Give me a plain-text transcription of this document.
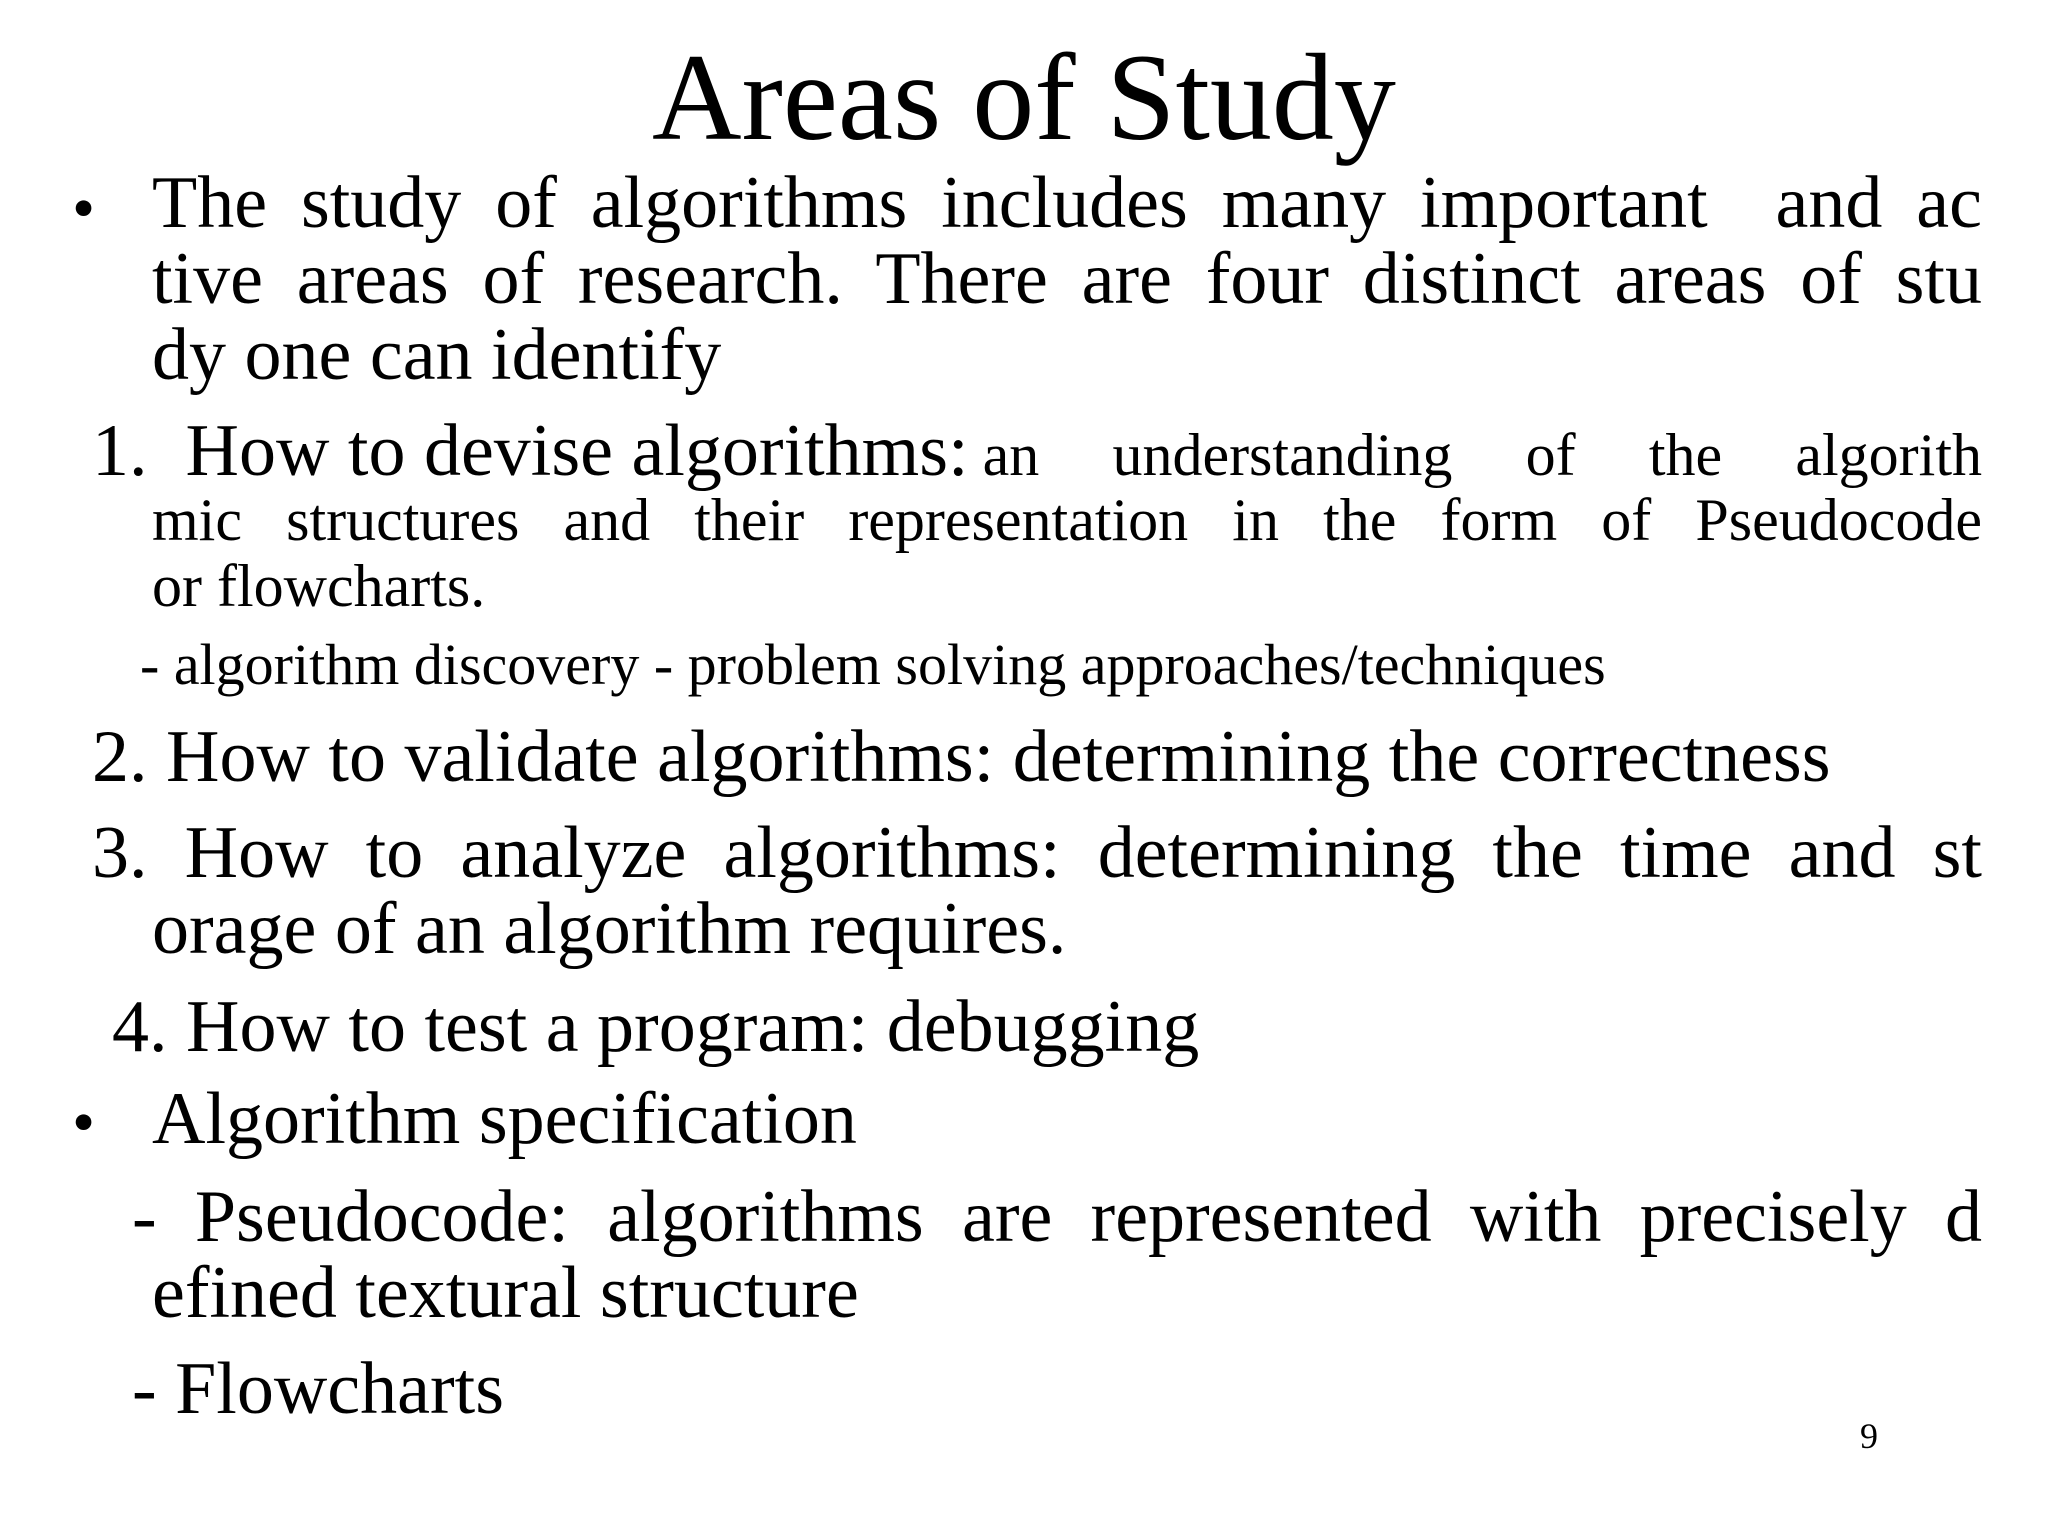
Areas of Study
• The study of algorithms includes many important  and ac
tive areas of research. There are four distinct areas of stu
dy one can identify
1. How to devise algorithms: an understanding of the algorith
mic structures and their representation in the form of Pseudocode
or flowcharts.
- algorithm discovery - problem solving approaches/techniques
2. How to validate algorithms: determining the correctness
3. How to analyze algorithms: determining the time and st
orage of an algorithm requires.
4. How to test a program: debugging
• Algorithm specification
- Pseudocode: algorithms are represented with precisely d
efined textural structure
- Flowcharts
9
